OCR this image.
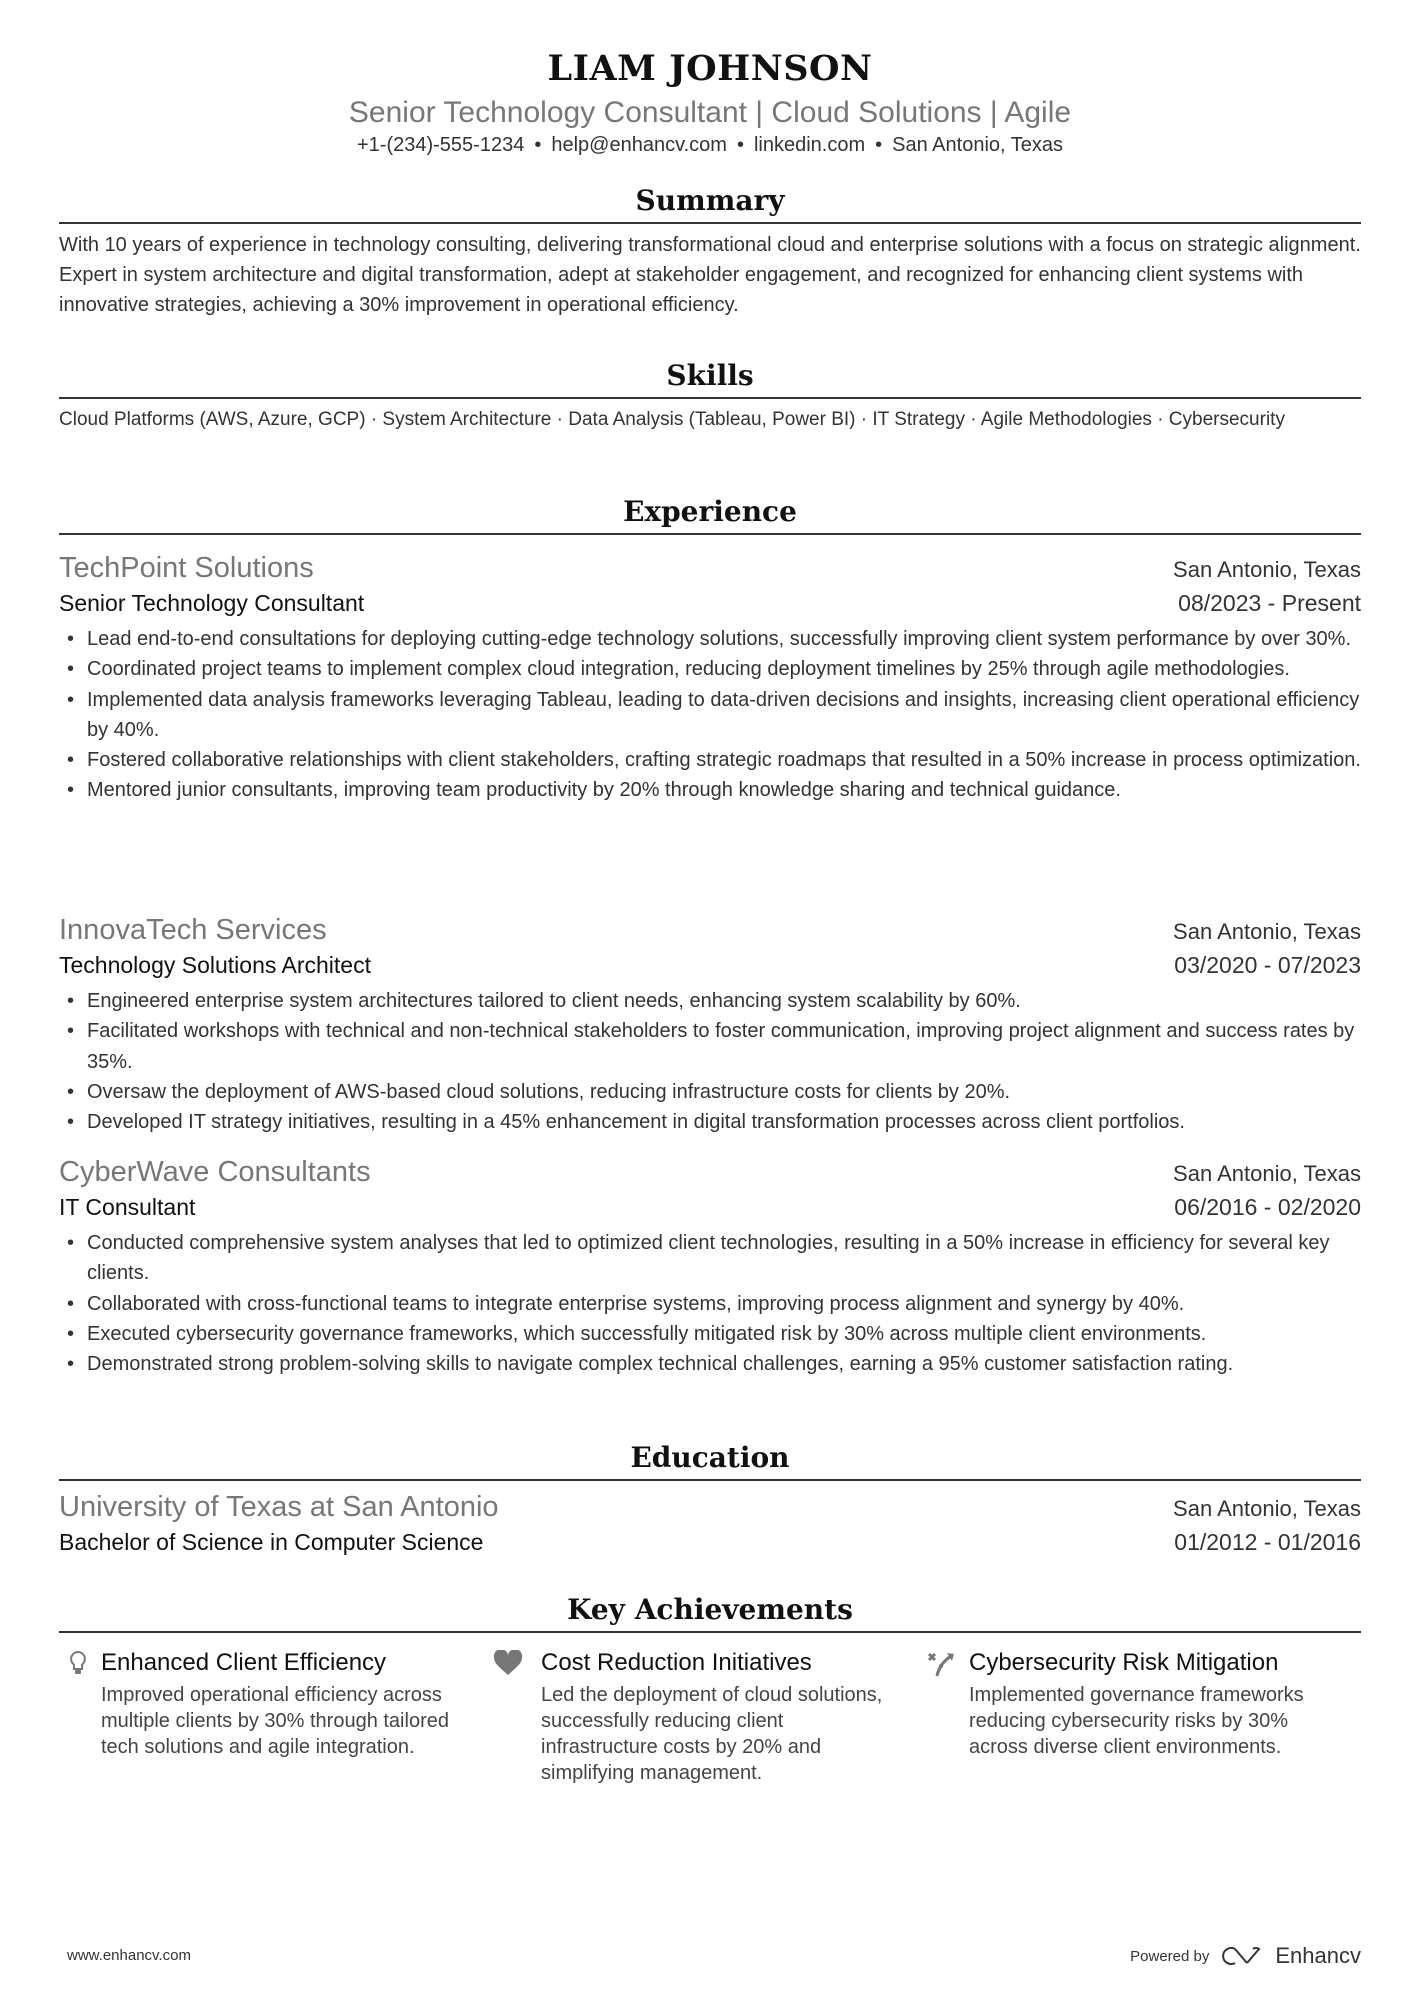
LIAM JOHNSON
Senior Technology Consultant | Cloud Solutions | Agile
+1-(234)-555-1234 • help@enhancv.com • linkedin.com • San Antonio, Texas
Summary
With 10 years of experience in technology consulting, delivering transformational cloud and enterprise solutions with a focus on strategic alignment. Expert in system architecture and digital transformation, adept at stakeholder engagement, and recognized for enhancing client systems with innovative strategies, achieving a 30% improvement in operational efficiency.
Skills
Cloud Platforms (AWS, Azure, GCP) · System Architecture · Data Analysis (Tableau, Power BI) · IT Strategy · Agile Methodologies · Cybersecurity
Experience
TechPoint Solutions	San Antonio, Texas
Senior Technology Consultant	08/2023 - Present
• Lead end-to-end consultations for deploying cutting-edge technology solutions, successfully improving client system performance by over 30%.
• Coordinated project teams to implement complex cloud integration, reducing deployment timelines by 25% through agile methodologies.
• Implemented data analysis frameworks leveraging Tableau, leading to data-driven decisions and insights, increasing client operational efficiency by 40%.
• Fostered collaborative relationships with client stakeholders, crafting strategic roadmaps that resulted in a 50% increase in process optimization.
• Mentored junior consultants, improving team productivity by 20% through knowledge sharing and technical guidance.
InnovaTech Services	San Antonio, Texas
Technology Solutions Architect	03/2020 - 07/2023
• Engineered enterprise system architectures tailored to client needs, enhancing system scalability by 60%.
• Facilitated workshops with technical and non-technical stakeholders to foster communication, improving project alignment and success rates by 35%.
• Oversaw the deployment of AWS-based cloud solutions, reducing infrastructure costs for clients by 20%.
• Developed IT strategy initiatives, resulting in a 45% enhancement in digital transformation processes across client portfolios.
CyberWave Consultants	San Antonio, Texas
IT Consultant	06/2016 - 02/2020
• Conducted comprehensive system analyses that led to optimized client technologies, resulting in a 50% increase in efficiency for several key clients.
• Collaborated with cross-functional teams to integrate enterprise systems, improving process alignment and synergy by 40%.
• Executed cybersecurity governance frameworks, which successfully mitigated risk by 30% across multiple client environments.
• Demonstrated strong problem-solving skills to navigate complex technical challenges, earning a 95% customer satisfaction rating.
Education
University of Texas at San Antonio	San Antonio, Texas
Bachelor of Science in Computer Science	01/2012 - 01/2016
Key Achievements
Enhanced Client Efficiency
Improved operational efficiency across multiple clients by 30% through tailored tech solutions and agile integration.
Cost Reduction Initiatives
Led the deployment of cloud solutions, successfully reducing client infrastructure costs by 20% and simplifying management.
Cybersecurity Risk Mitigation
Implemented governance frameworks reducing cybersecurity risks by 30% across diverse client environments.
www.enhancv.com	Powered by	Enhancv
